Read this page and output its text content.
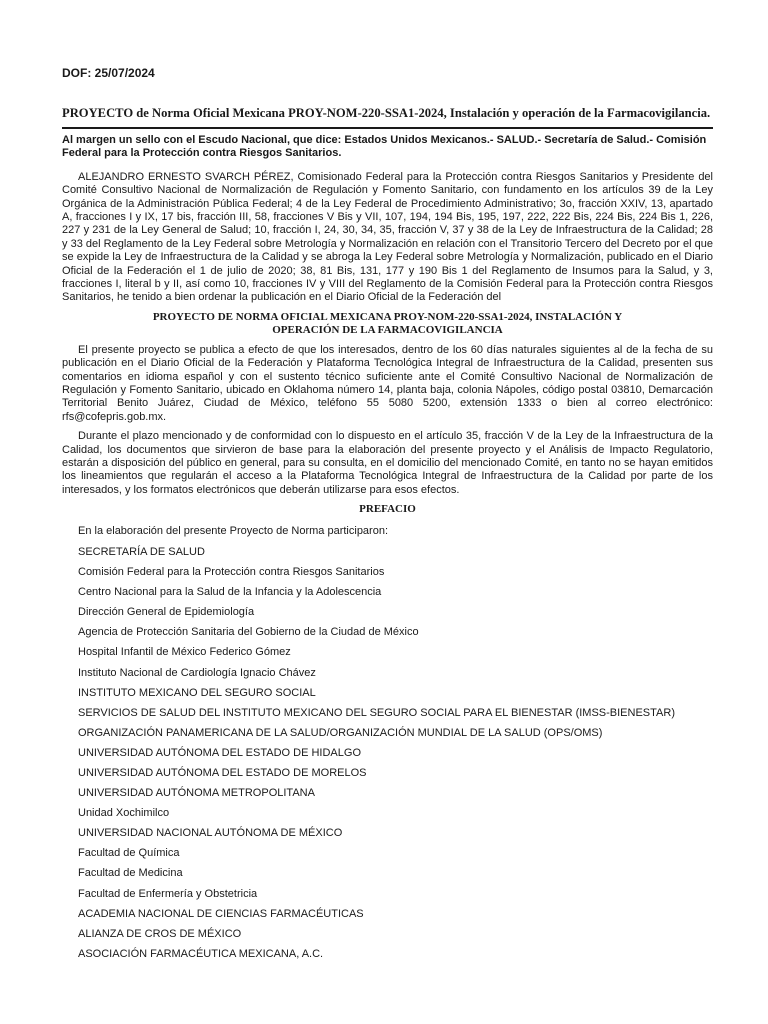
DOF: 25/07/2024
PROYECTO de Norma Oficial Mexicana PROY-NOM-220-SSA1-2024, Instalación y operación de la Farmacovigilancia.
Al margen un sello con el Escudo Nacional, que dice: Estados Unidos Mexicanos.- SALUD.- Secretaría de Salud.- Comisión Federal para la Protección contra Riesgos Sanitarios.

ALEJANDRO ERNESTO SVARCH PÉREZ, Comisionado Federal para la Protección contra Riesgos Sanitarios y Presidente del Comité Consultivo Nacional de Normalización de Regulación y Fomento Sanitario, con fundamento en los artículos 39 de la Ley Orgánica de la Administración Pública Federal; 4 de la Ley Federal de Procedimiento Administrativo; 3o, fracción XXIV, 13, apartado A, fracciones I y IX, 17 bis, fracción III, 58, fracciones V Bis y VII, 107, 194, 194 Bis, 195, 197, 222, 222 Bis, 224 Bis, 224 Bis 1, 226, 227 y 231 de la Ley General de Salud; 10, fracción I, 24, 30, 34, 35, fracción V, 37 y 38 de la Ley de Infraestructura de la Calidad; 28 y 33 del Reglamento de la Ley Federal sobre Metrología y Normalización en relación con el Transitorio Tercero del Decreto por el que se expide la Ley de Infraestructura de la Calidad y se abroga la Ley Federal sobre Metrología y Normalización, publicado en el Diario Oficial de la Federación el 1 de julio de 2020; 38, 81 Bis, 131, 177 y 190 Bis 1 del Reglamento de Insumos para la Salud, y 3, fracciones I, literal b y II, así como 10, fracciones IV y VIII del Reglamento de la Comisión Federal para la Protección contra Riesgos Sanitarios, he tenido a bien ordenar la publicación en el Diario Oficial de la Federación del

PROYECTO DE NORMA OFICIAL MEXICANA PROY-NOM-220-SSA1-2024, INSTALACIÓN Y
OPERACIÓN DE LA FARMACOVIGILANCIA

El presente proyecto se publica a efecto de que los interesados, dentro de los 60 días naturales siguientes al de la fecha de su publicación en el Diario Oficial de la Federación y Plataforma Tecnológica Integral de Infraestructura de la Calidad, presenten sus comentarios en idioma español y con el sustento técnico suficiente ante el Comité Consultivo Nacional de Normalización de Regulación y Fomento Sanitario, ubicado en Oklahoma número 14, planta baja, colonia Nápoles, código postal 03810, Demarcación Territorial Benito Juárez, Ciudad de México, teléfono 55 5080 5200, extensión 1333 o bien al correo electrónico: rfs@cofepris.gob.mx.

Durante el plazo mencionado y de conformidad con lo dispuesto en el artículo 35, fracción V de la Ley de la Infraestructura de la Calidad, los documentos que sirvieron de base para la elaboración del presente proyecto y el Análisis de Impacto Regulatorio, estarán a disposición del público en general, para su consulta, en el domicilio del mencionado Comité, en tanto no se hayan emitidos los lineamientos que regularán el acceso a la Plataforma Tecnológica Integral de Infraestructura de la Calidad por parte de los interesados, y los formatos electrónicos que deberán utilizarse para esos efectos.

PREFACIO
En la elaboración del presente Proyecto de Norma participaron:
SECRETARÍA DE SALUD
Comisión Federal para la Protección contra Riesgos Sanitarios
Centro Nacional para la Salud de la Infancia y la Adolescencia
Dirección General de Epidemiología
Agencia de Protección Sanitaria del Gobierno de la Ciudad de México
Hospital Infantil de México Federico Gómez
Instituto Nacional de Cardiología Ignacio Chávez
INSTITUTO MEXICANO DEL SEGURO SOCIAL
SERVICIOS DE SALUD DEL INSTITUTO MEXICANO DEL SEGURO SOCIAL PARA EL BIENESTAR (IMSS-BIENESTAR)
ORGANIZACIÓN PANAMERICANA DE LA SALUD/ORGANIZACIÓN MUNDIAL DE LA SALUD (OPS/OMS)
UNIVERSIDAD AUTÓNOMA DEL ESTADO DE HIDALGO
UNIVERSIDAD AUTÓNOMA DEL ESTADO DE MORELOS
UNIVERSIDAD AUTÓNOMA METROPOLITANA
Unidad Xochimilco
UNIVERSIDAD NACIONAL AUTÓNOMA DE MÉXICO
Facultad de Química
Facultad de Medicina
Facultad de Enfermería y Obstetricia
ACADEMIA NACIONAL DE CIENCIAS FARMACÉUTICAS
ALIANZA DE CROS DE MÉXICO
ASOCIACIÓN FARMACÉUTICA MEXICANA, A.C.
